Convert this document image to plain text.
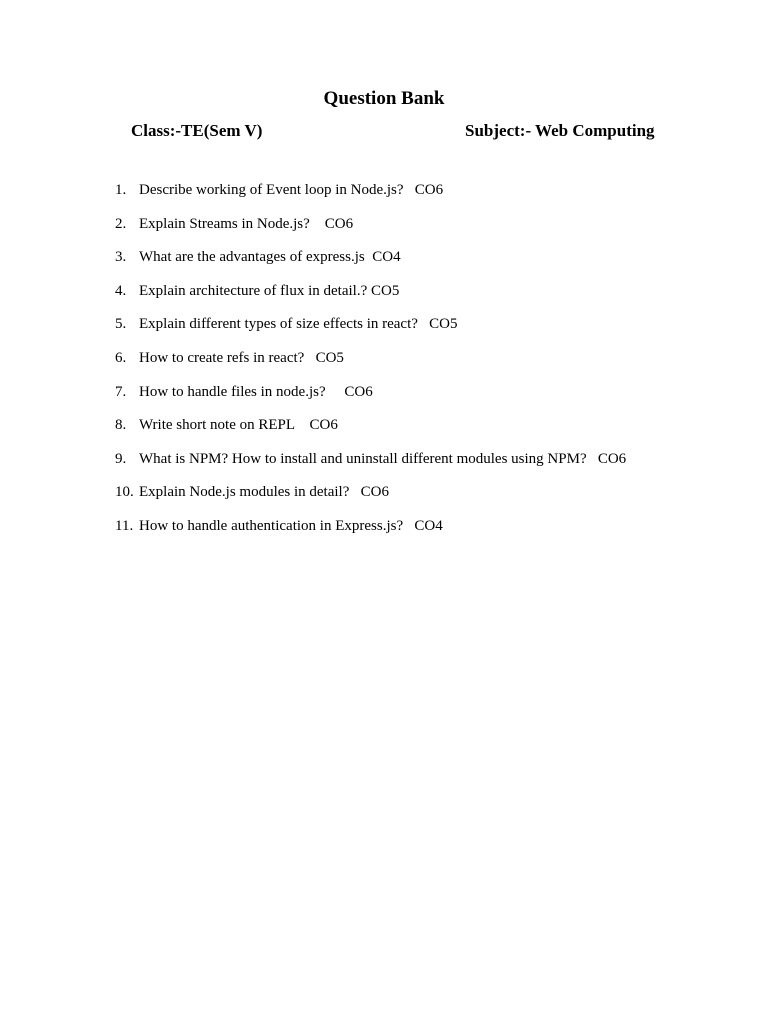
Question Bank
Class:-TE(Sem V)	Subject:- Web Computing
1. Describe working of Event loop in Node.js?   CO6
2. Explain Streams in Node.js?    CO6
3. What are the advantages of express.js  CO4
4. Explain architecture of flux in detail.? CO5
5. Explain different types of size effects in react?   CO5
6. How to create refs in react?   CO5
7. How to handle files in node.js?     CO6
8. Write short note on REPL    CO6
9. What is NPM? How to install and uninstall different modules using NPM?   CO6
10. Explain Node.js modules in detail?   CO6
11. How to handle authentication in Express.js?   CO4
